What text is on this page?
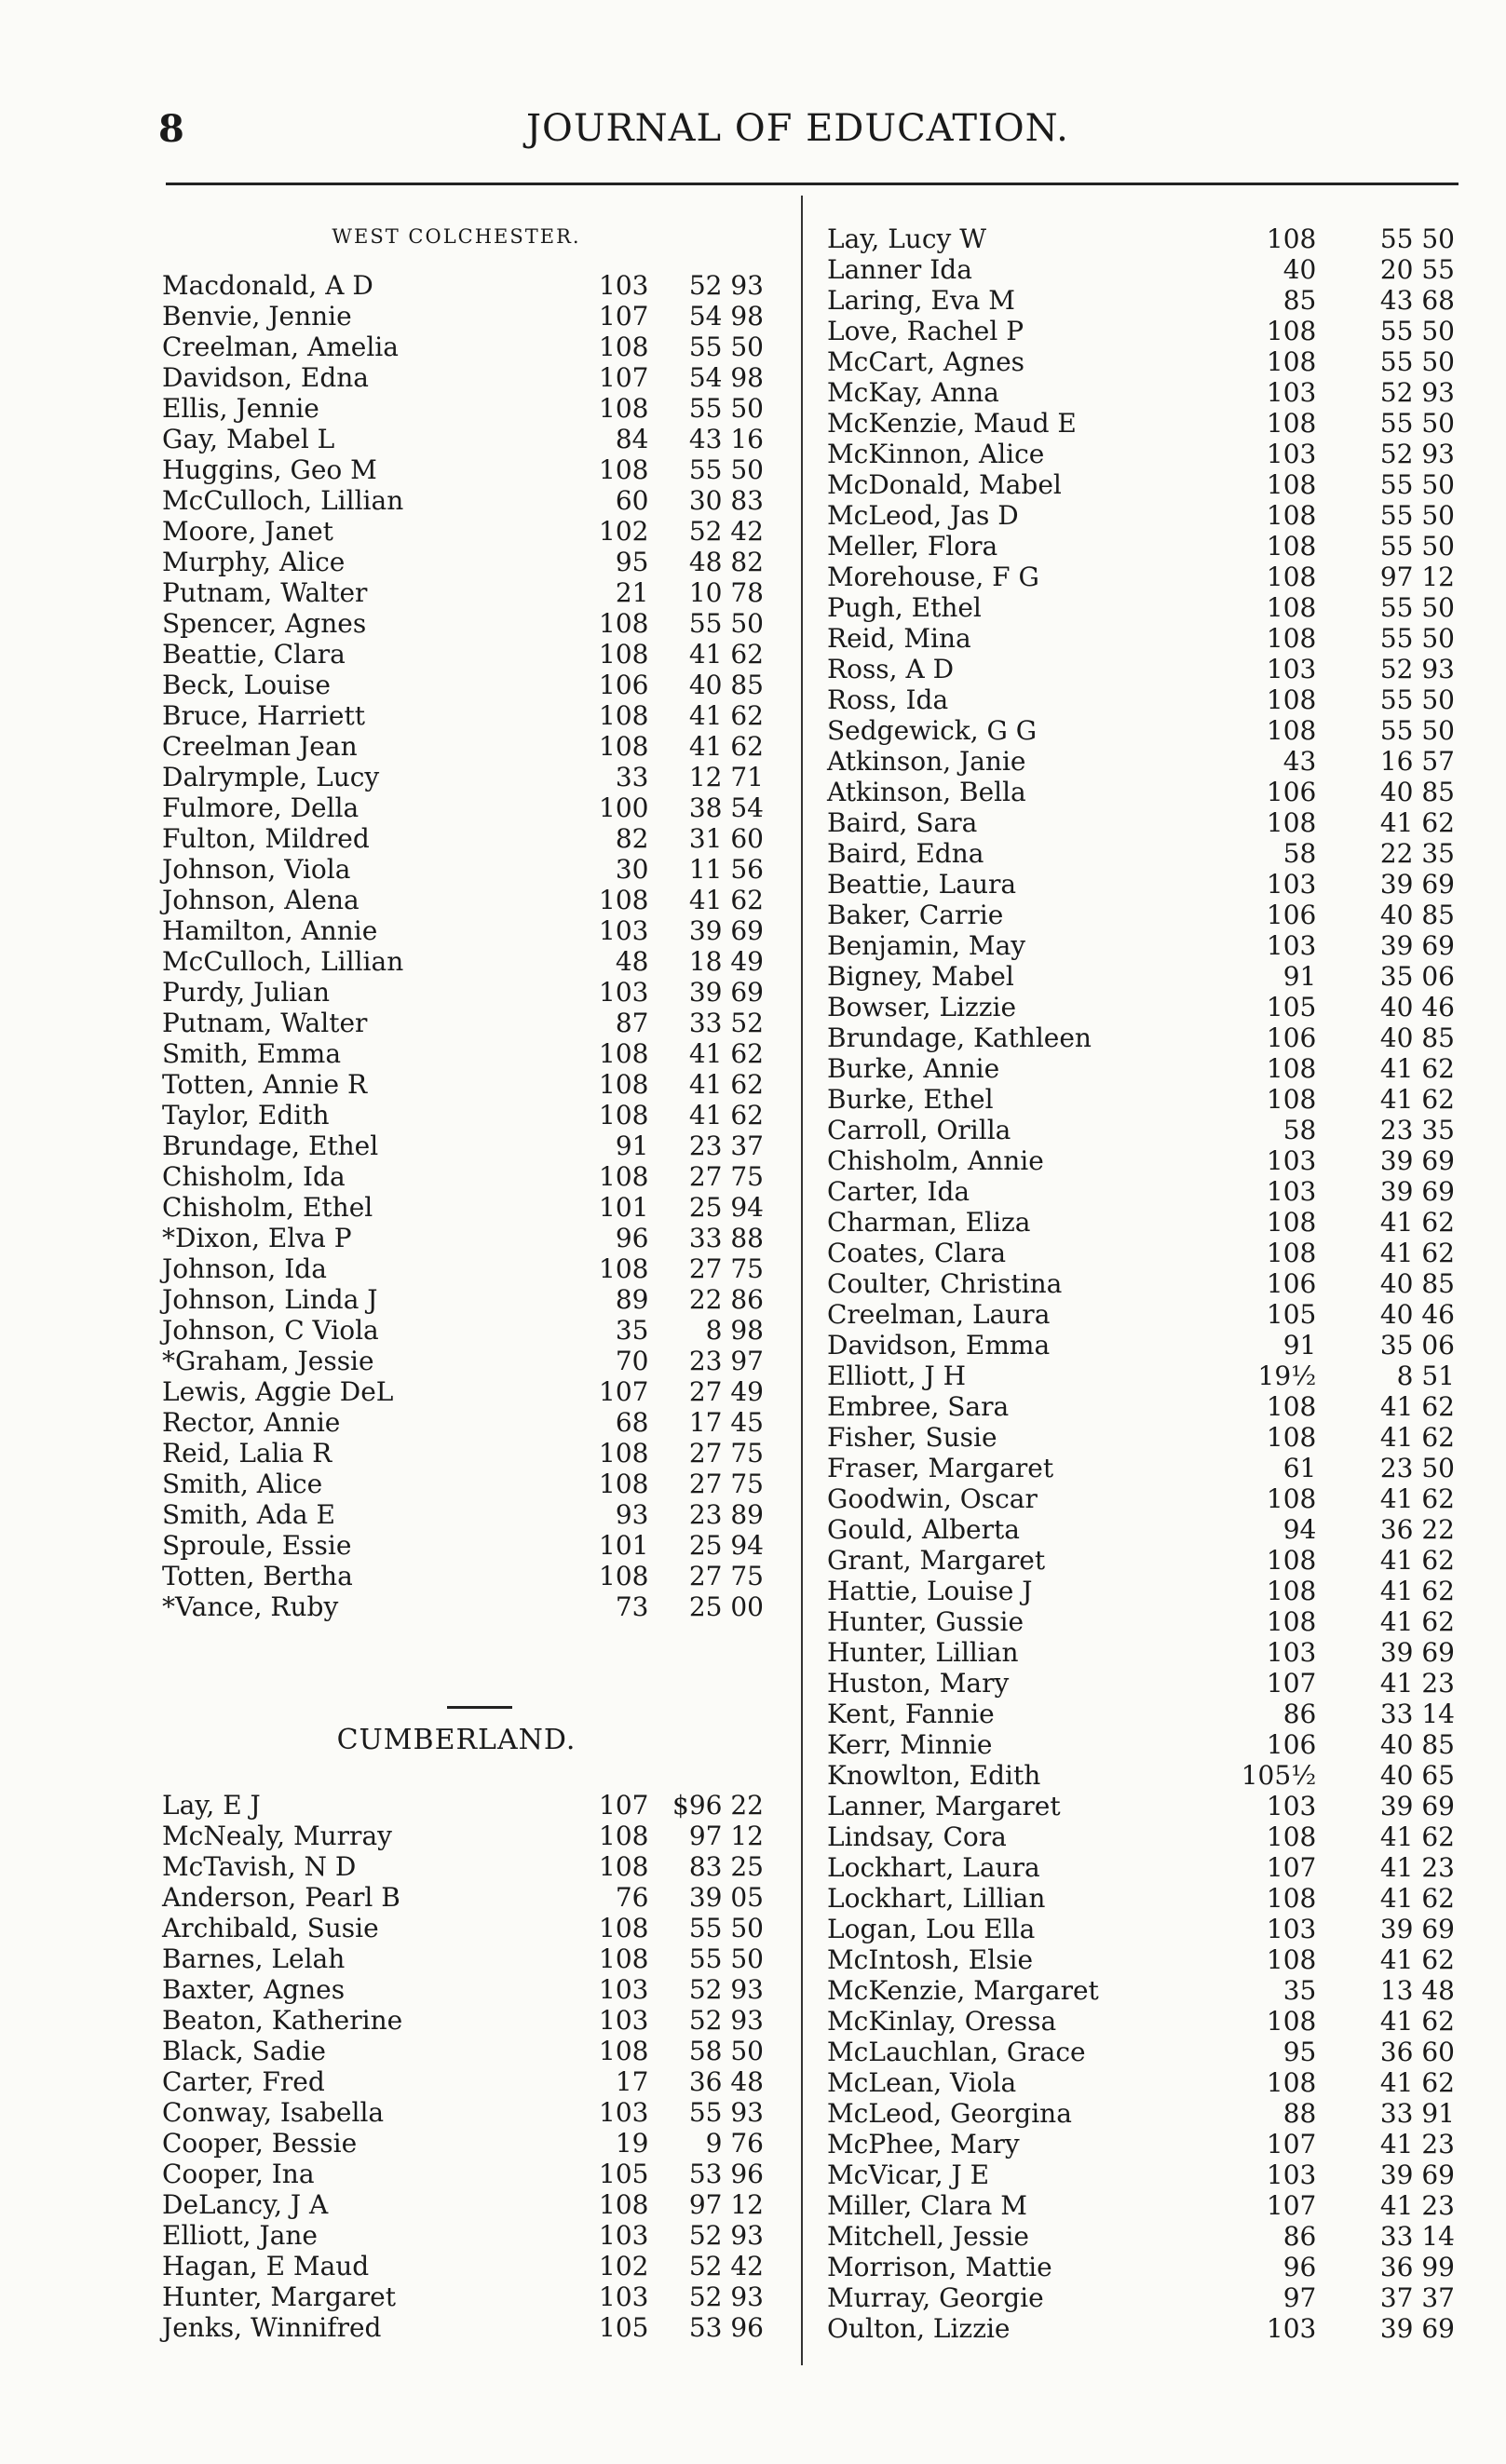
8	JOURNAL OF EDUCATION.
WEST COLCHESTER.
Macdonald, A D	103	52 93
Benvie, Jennie	107	54 98
Creelman, Amelia	108	55 50
Davidson, Edna	107	54 98
Ellis, Jennie	108	55 50
Gay, Mabel L	84	43 16
Huggins, Geo M	108	55 50
McCulloch, Lillian	60	30 83
Moore, Janet	102	52 42
Murphy, Alice	95	48 82
Putnam, Walter	21	10 78
Spencer, Agnes	108	55 50
Beattie, Clara	108	41 62
Beck, Louise	106	40 85
Bruce, Harriett	108	41 62
Creelman Jean	108	41 62
Dalrymple, Lucy	33	12 71
Fulmore, Della	100	38 54
Fulton, Mildred	82	31 60
Johnson, Viola	30	11 56
Johnson, Alena	108	41 62
Hamilton, Annie	103	39 69
McCulloch, Lillian	48	18 49
Purdy, Julian	103	39 69
Putnam, Walter	87	33 52
Smith, Emma	108	41 62
Totten, Annie R	108	41 62
Taylor, Edith	108	41 62
Brundage, Ethel	91	23 37
Chisholm, Ida	108	27 75
Chisholm, Ethel	101	25 94
*Dixon, Elva P	96	33 88
Johnson, Ida	108	27 75
Johnson, Linda J	89	22 86
Johnson, C Viola	35	8 98
*Graham, Jessie	70	23 97
Lewis, Aggie DeL	107	27 49
Rector, Annie	68	17 45
Reid, Lalia R	108	27 75
Smith, Alice	108	27 75
Smith, Ada E	93	23 89
Sproule, Essie	101	25 94
Totten, Bertha	108	27 75
*Vance, Ruby	73	25 00
CUMBERLAND.
Lay, E J	107 $96 22
McNealy, Murray	108	97 12
McTavish, N D	108	83 25
Anderson, Pearl B	76	39 05
Archibald, Susie	108	55 50
Barnes, Lelah	108	55 50
Baxter, Agnes	103	52 93
Beaton, Katherine	103	52 93
Black, Sadie	108	58 50
Carter, Fred	17	36 48
Conway, Isabella	103	55 93
Cooper, Bessie	19	9 76
Cooper, Ina	105	53 96
DeLancy, J A	108	97 12
Elliott, Jane	103	52 93
Hagan, E Maud	102	52 42
Hunter, Margaret	103	52 93
Jenks, Winnifred	105	53 96
Lay, Lucy W	108	55 50
Lanner Ida	40	20 55
Laring, Eva M	85	43 68
Love, Rachel P	108	55 50
McCart, Agnes	108	55 50
McKay, Anna	103	52 93
McKenzie, Maud E	108	55 50
McKinnon, Alice	103	52 93
McDonald, Mabel	108	55 50
McLeod, Jas D	108	55 50
Meller, Flora	108	55 50
Morehouse, F G	108	97 12
Pugh, Ethel	108	55 50
Reid, Mina	108	55 50
Ross, A D	103	52 93
Ross, Ida	108	55 50
Sedgewick, G G	108	55 50
Atkinson, Janie	43	16 57
Atkinson, Bella	106	40 85
Baird, Sara	108	41 62
Baird, Edna	58	22 35
Beattie, Laura	103	39 69
Baker, Carrie	106	40 85
Benjamin, May	103	39 69
Bigney, Mabel	91	35 06
Bowser, Lizzie	105	40 46
Brundage, Kathleen	106	40 85
Burke, Annie	108	41 62
Burke, Ethel	108	41 62
Carroll, Orilla	58	23 35
Chisholm, Annie	103	39 69
Carter, Ida	103	39 69
Charman, Eliza	108	41 62
Coates, Clara	108	41 62
Coulter, Christina	106	40 85
Creelman, Laura	105	40 46
Davidson, Emma	91	35 06
Elliott, J H	19½	8 51
Embree, Sara	108	41 62
Fisher, Susie	108	41 62
Fraser, Margaret	61	23 50
Goodwin, Oscar	108	41 62
Gould, Alberta	94	36 22
Grant, Margaret	108	41 62
Hattie, Louise J	108	41 62
Hunter, Gussie	108	41 62
Hunter, Lillian	103	39 69
Huston, Mary	107	41 23
Kent, Fannie	86	33 14
Kerr, Minnie	106	40 85
Knowlton, Edith	105½	40 65
Lanner, Margaret	103	39 69
Lindsay, Cora	108	41 62
Lockhart, Laura	107	41 23
Lockhart, Lillian	108	41 62
Logan, Lou Ella	103	39 69
McIntosh, Elsie	108	41 62
McKenzie, Margaret	35	13 48
McKinlay, Oressa	108	41 62
McLauchlan, Grace	95	36 60
McLean, Viola	108	41 62
McLeod, Georgina	88	33 91
McPhee, Mary	107	41 23
McVicar, J E	103	39 69
Miller, Clara M	107	41 23
Mitchell, Jessie	86	33 14
Morrison, Mattie	96	36 99
Murray, Georgie	97	37 37
Oulton, Lizzie	103	39 69
